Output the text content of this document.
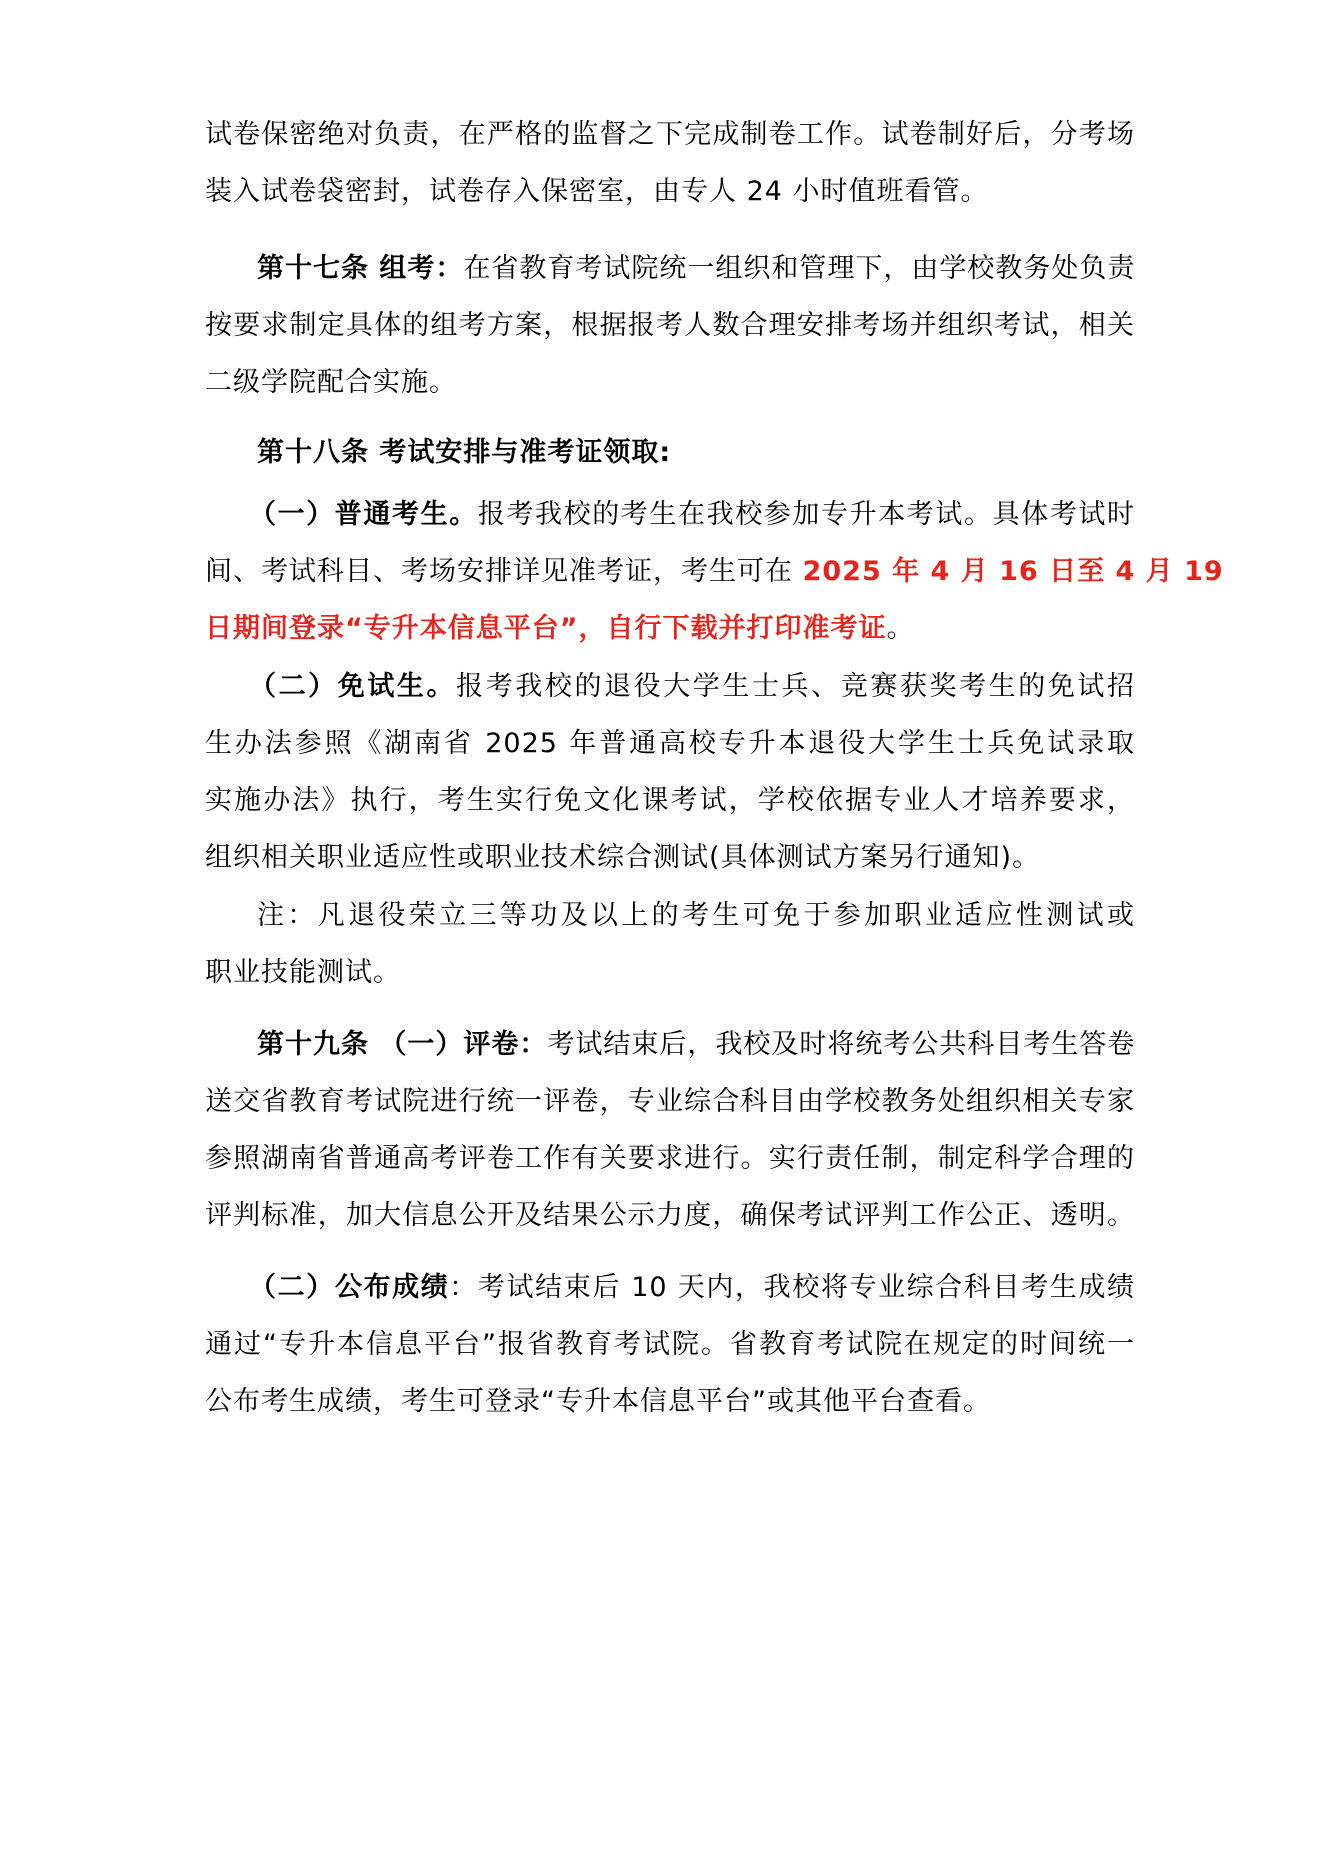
试卷保密绝对负责，在严格的监督之下完成制卷工作。试卷制好后，分考场
装入试卷袋密封，试卷存入保密室，由专人 24 小时值班看管。
第十七条 组考：在省教育考试院统一组织和管理下，由学校教务处负责
按要求制定具体的组考方案，根据报考人数合理安排考场并组织考试，相关
二级学院配合实施。
第十八条 考试安排与准考证领取:
（一）普通考生。报考我校的考生在我校参加专升本考试。具体考试时
间、考试科目、考场安排详见准考证，考生可在 2025 年 4 月 16 日至 4 月 19
日期间登录“专升本信息平台”，自行下载并打印准考证。
（二）免试生。报考我校的退役大学生士兵、竞赛获奖考生的免试招
生办法参照《湖南省 2025 年普通高校专升本退役大学生士兵免试录取
实施办法》执行，考生实行免文化课考试，学校依据专业人才培养要求，
组织相关职业适应性或职业技术综合测试(具体测试方案另行通知)。
注：凡退役荣立三等功及以上的考生可免于参加职业适应性测试或
职业技能测试。
第十九条 （一）评卷：考试结束后，我校及时将统考公共科目考生答卷
送交省教育考试院进行统一评卷，专业综合科目由学校教务处组织相关专家
参照湖南省普通高考评卷工作有关要求进行。实行责任制，制定科学合理的
评判标准，加大信息公开及结果公示力度，确保考试评判工作公正、透明。
（二）公布成绩：考试结束后 10 天内，我校将专业综合科目考生成绩
通过“专升本信息平台”报省教育考试院。省教育考试院在规定的时间统一
公布考生成绩，考生可登录“专升本信息平台”或其他平台查看。
